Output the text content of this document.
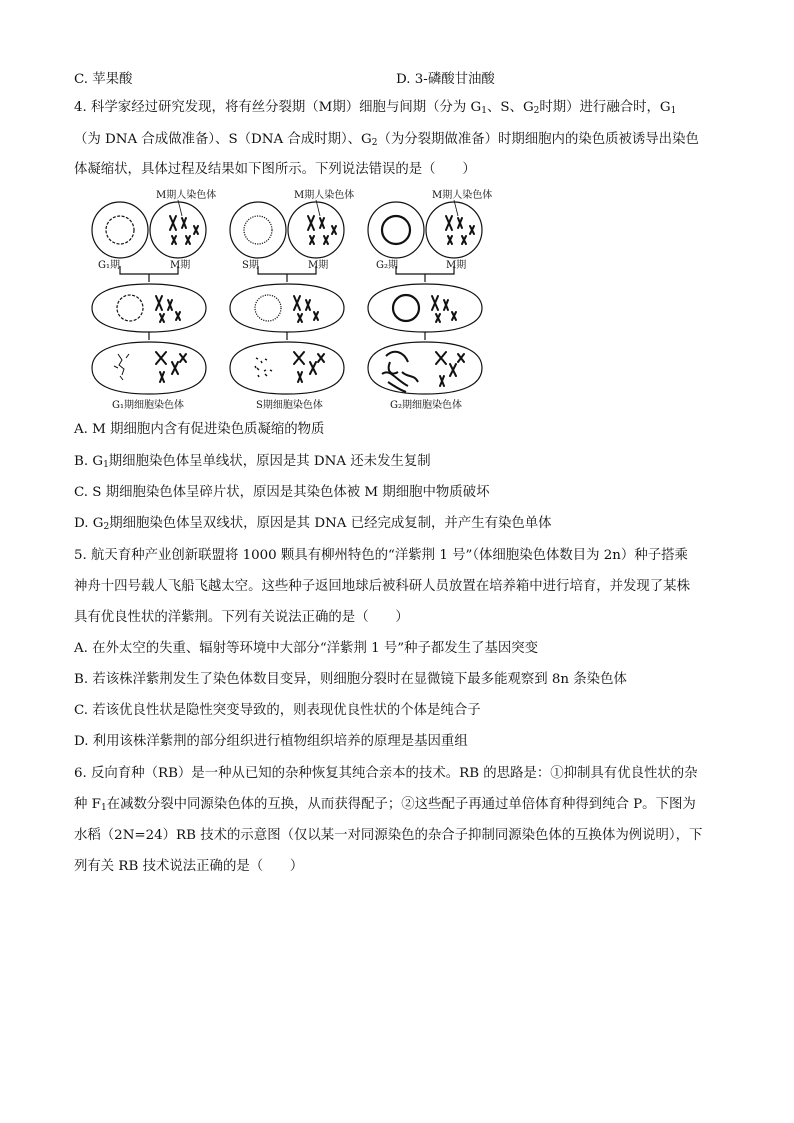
C. 苹果酸	D. 3-磷酸甘油酸
4. 科学家经过研究发现，将有丝分裂期（M期）细胞与间期（分为 $G_1$、S、$G_2$时期）进行融合时，$G_1$
（为 DNA 合成做准备）、S（DNA 合成时期）、$G_2$（为分裂期做准备）时期细胞内的染色质被诱导出染色
体凝缩状，具体过程及结果如下图所示。下列说法错误的是（　　）
M期人染色体	M期人染色体	M期人染色体
G₁期	M期	S期	M期	G₂期	M期
G₁期细胞染色体	S期细胞染色体	G₂期细胞染色体
A. M 期细胞内含有促进染色质凝缩的物质
B. $G_1$期细胞染色体呈单线状，原因是其 DNA 还未发生复制
C. S 期细胞染色体呈碎片状，原因是其染色体被 M 期细胞中物质破坏
D. $G_2$期细胞染色体呈双线状，原因是其 DNA 已经完成复制，并产生有染色单体
5. 航天育种产业创新联盟将 1000 颗具有柳州特色的“洋紫荆 1 号”（体细胞染色体数目为 2n）种子搭乘
神舟十四号载人飞船飞越太空。这些种子返回地球后被科研人员放置在培养箱中进行培育，并发现了某株
具有优良性状的洋紫荆。下列有关说法正确的是（　　）
A. 在外太空的失重、辐射等环境中大部分“洋紫荆 1 号”种子都发生了基因突变
B. 若该株洋紫荆发生了染色体数目变异，则细胞分裂时在显微镜下最多能观察到 8n 条染色体
C. 若该优良性状是隐性突变导致的，则表现优良性状的个体是纯合子
D. 利用该株洋紫荆的部分组织进行植物组织培养的原理是基因重组
6. 反向育种（RB）是一种从已知的杂种恢复其纯合亲本的技术。RB 的思路是：①抑制具有优良性状的杂
种 $F_1$在减数分裂中同源染色体的互换，从而获得配子；②这些配子再通过单倍体育种得到纯合 P。下图为
水稻（2N=24）RB 技术的示意图（仅以某一对同源染色的杂合子抑制同源染色体的互换体为例说明），下
列有关 RB 技术说法正确的是（　　）
